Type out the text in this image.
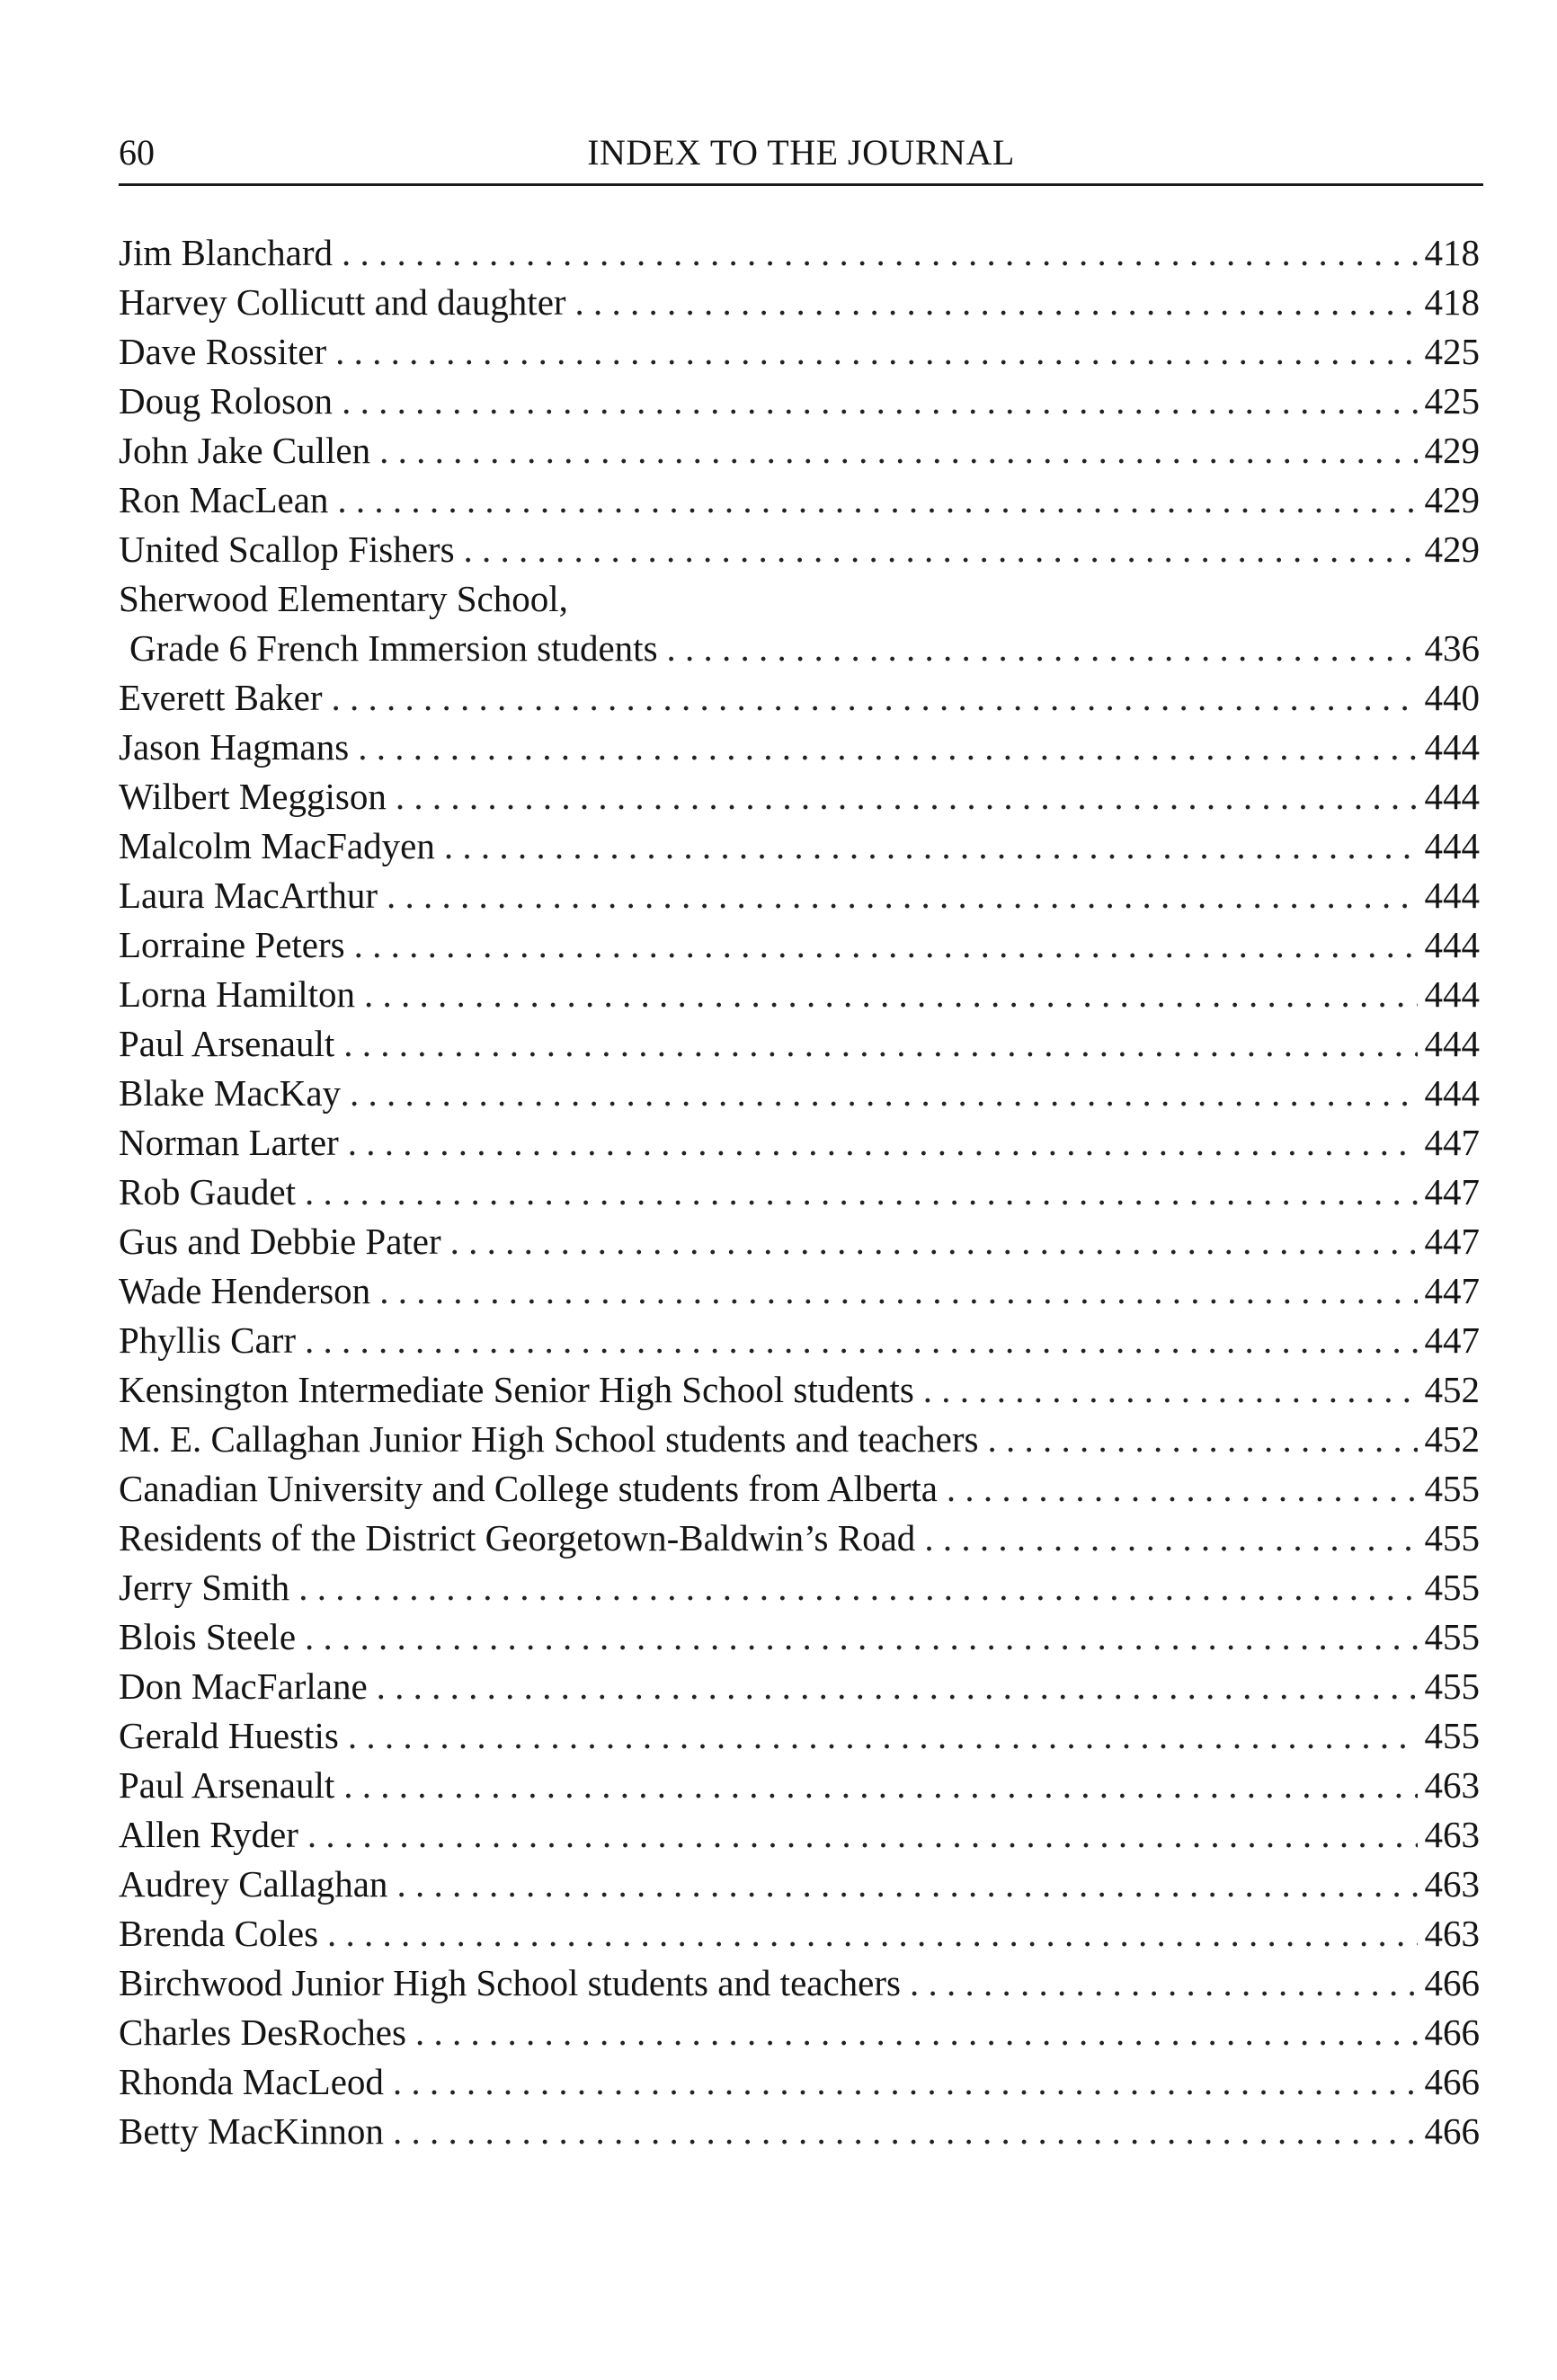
60	INDEX TO THE JOURNAL
Jim Blanchard . . .	418
Harvey Collicutt and daughter . . .	418
Dave Rossiter . . .	425
Doug Roloson . . .	425
John Jake Cullen . . .	429
Ron MacLean . . .	429
United Scallop Fishers . . .	429
Sherwood Elementary School,
Grade 6 French Immersion students . . .	436
Everett Baker . . .	440
Jason Hagmans . . .	444
Wilbert Meggison . . .	444
Malcolm MacFadyen . . .	444
Laura MacArthur . . .	444
Lorraine Peters . . .	444
Lorna Hamilton . . .	444
Paul Arsenault . . .	444
Blake MacKay . . .	444
Norman Larter . . .	447
Rob Gaudet . . .	447
Gus and Debbie Pater . . .	447
Wade Henderson . . .	447
Phyllis Carr . . .	447
Kensington Intermediate Senior High School students . . .	452
M. E. Callaghan Junior High School students and teachers . . .	452
Canadian University and College students from Alberta . . .	455
Residents of the District Georgetown-Baldwin’s Road . . .	455
Jerry Smith . . .	455
Blois Steele . . .	455
Don MacFarlane . . .	455
Gerald Huestis . . .	455
Paul Arsenault . . .	463
Allen Ryder . . .	463
Audrey Callaghan . . .	463
Brenda Coles . . .	463
Birchwood Junior High School students and teachers . . .	466
Charles DesRoches . . .	466
Rhonda MacLeod . . .	466
Betty MacKinnon . . .	466
